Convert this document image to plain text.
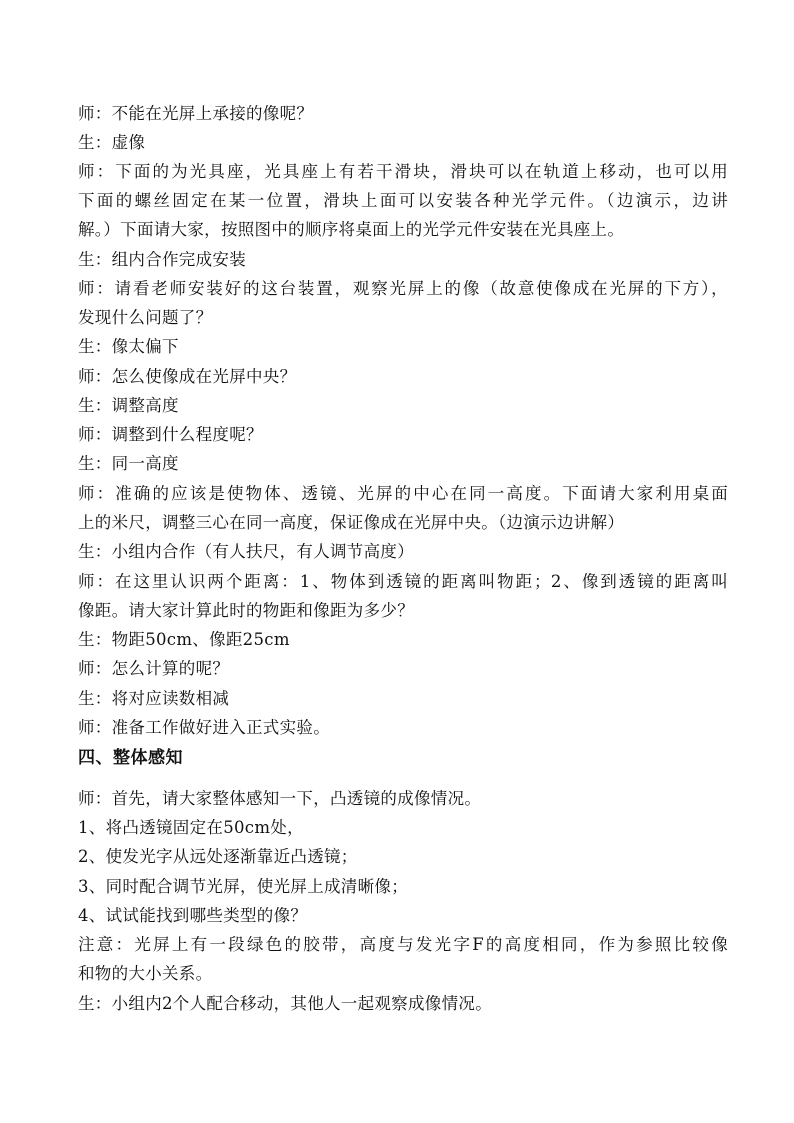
师：不能在光屏上承接的像呢？
生：虚像
师：下面的为光具座，光具座上有若干滑块，滑块可以在轨道上移动，也可以用
下面的螺丝固定在某一位置，滑块上面可以安装各种光学元件。（边演示，边讲
解。）下面请大家，按照图中的顺序将桌面上的光学元件安装在光具座上。
生：组内合作完成安装
师：请看老师安装好的这台装置，观察光屏上的像（故意使像成在光屏的下方），
发现什么问题了？
生：像太偏下
师：怎么使像成在光屏中央？
生：调整高度
师：调整到什么程度呢？
生：同一高度
师：准确的应该是使物体、透镜、光屏的中心在同一高度。下面请大家利用桌面
上的米尺，调整三心在同一高度，保证像成在光屏中央。（边演示边讲解）
生：小组内合作（有人扶尺，有人调节高度）
师：在这里认识两个距离：1、物体到透镜的距离叫物距；2、像到透镜的距离叫
像距。请大家计算此时的物距和像距为多少？
生：物距50cm、像距25cm
师：怎么计算的呢？
生：将对应读数相减
师：准备工作做好进入正式实验。
四、整体感知
师：首先，请大家整体感知一下，凸透镜的成像情况。
1、将凸透镜固定在50cm处，
2、使发光字从远处逐渐靠近凸透镜；
3、同时配合调节光屏，使光屏上成清晰像；
4、试试能找到哪些类型的像？
注意：光屏上有一段绿色的胶带，高度与发光字F的高度相同，作为参照比较像
和物的大小关系。
生：小组内2个人配合移动，其他人一起观察成像情况。
